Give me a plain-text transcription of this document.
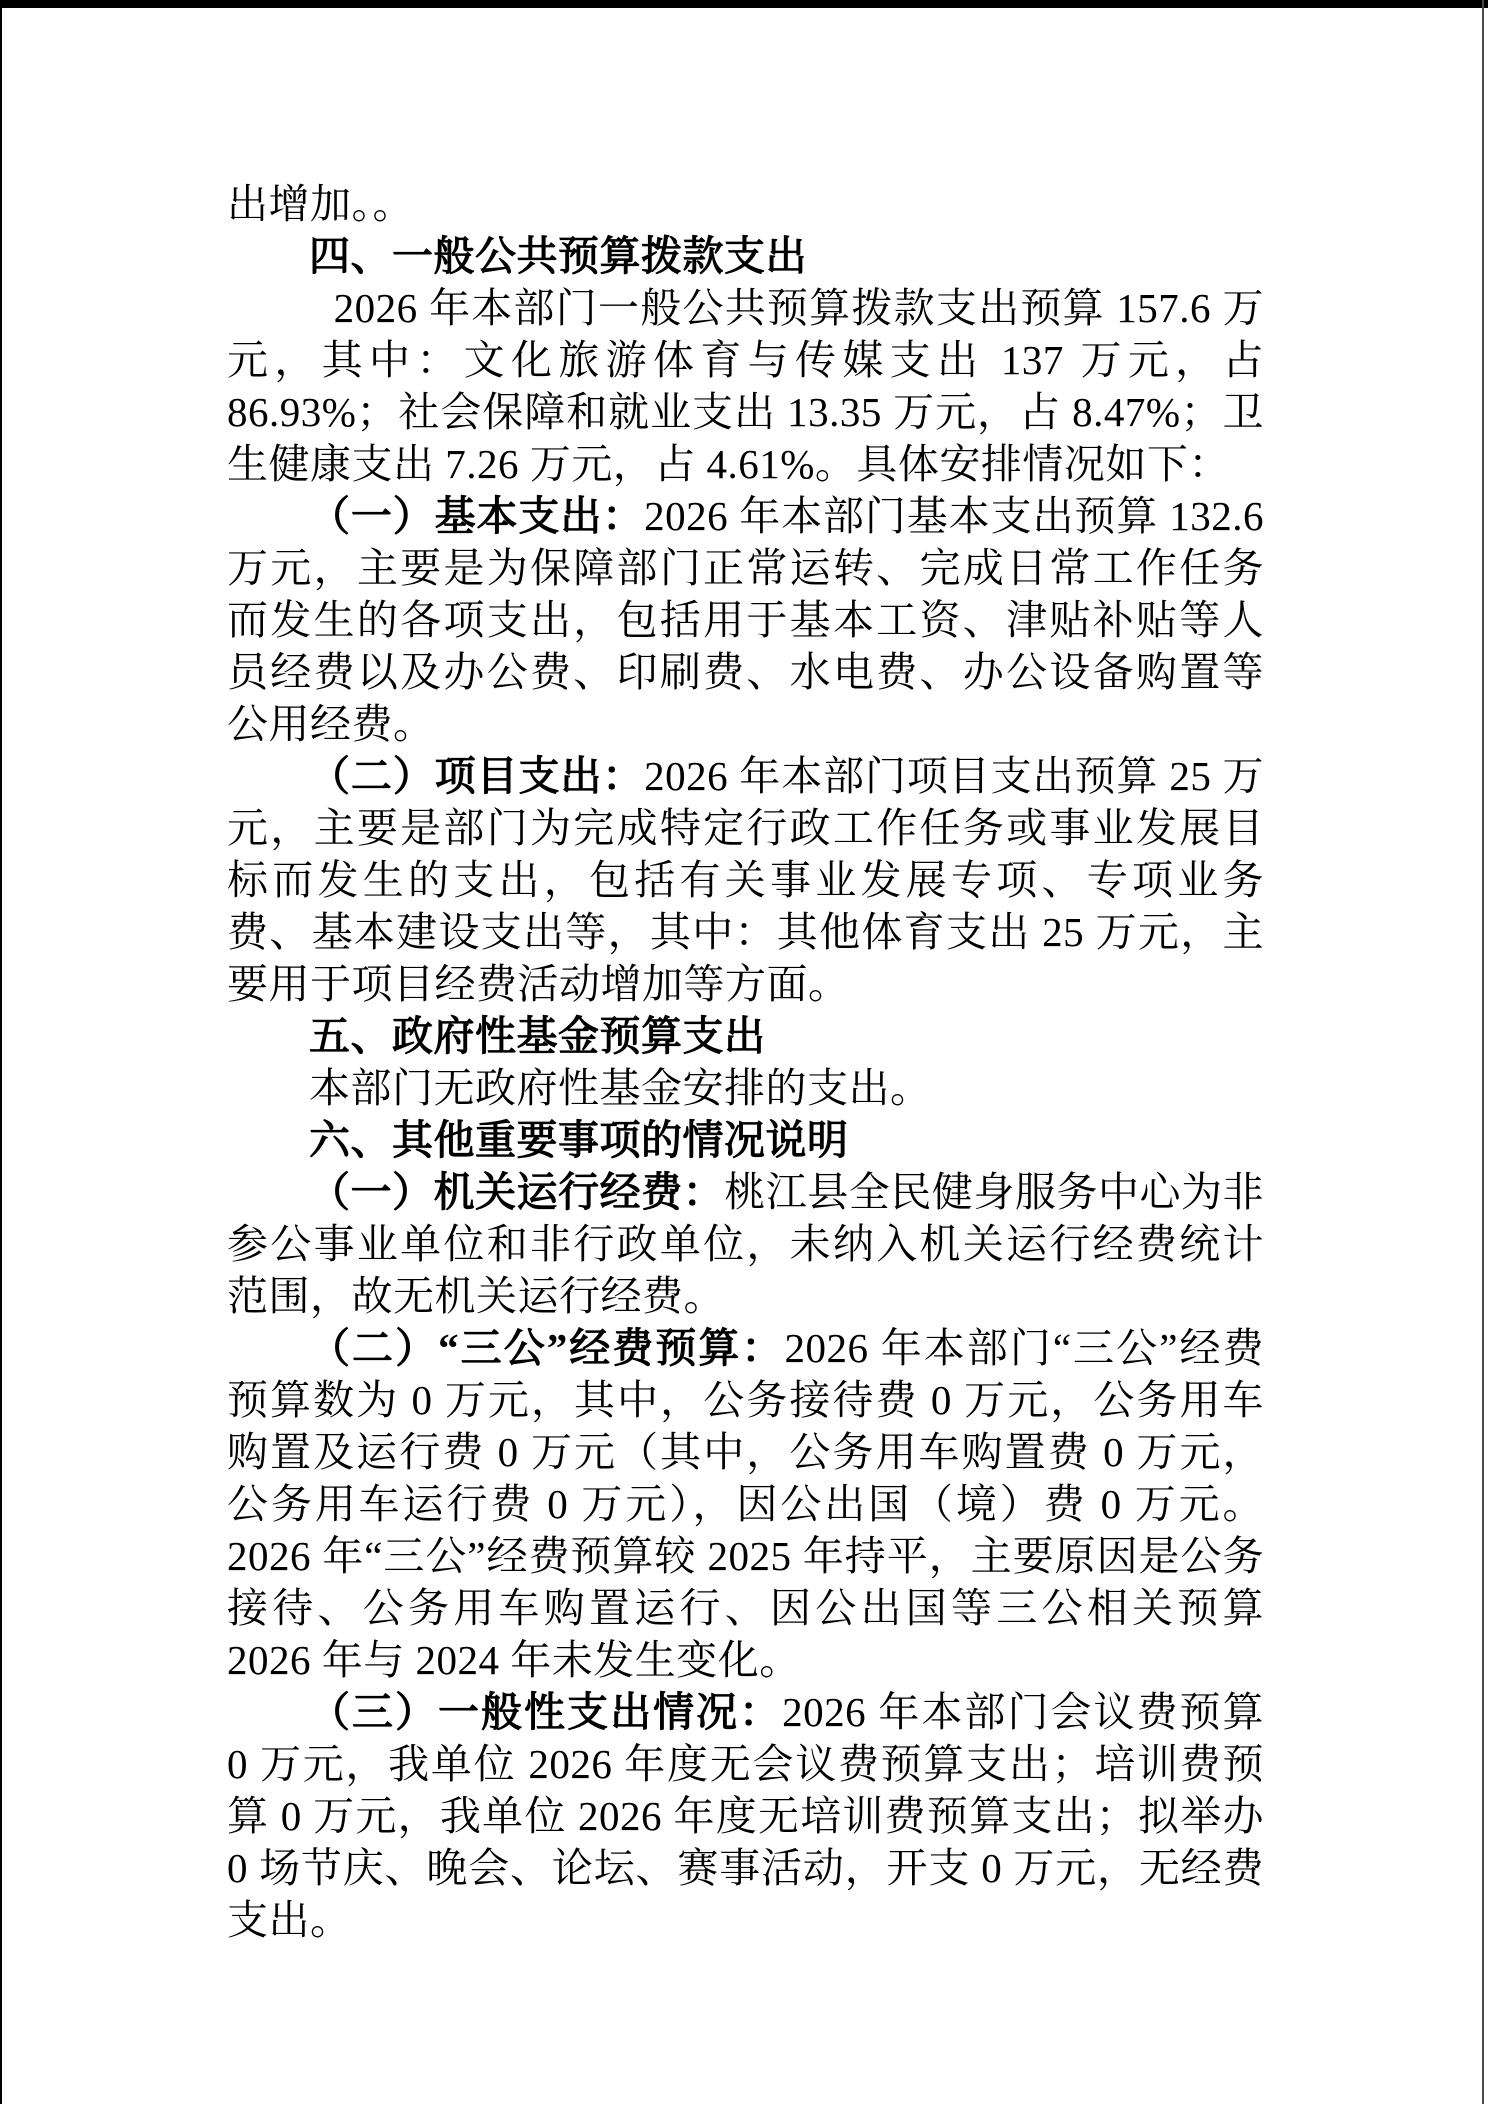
出增加。。

四、一般公共预算拨款支出

2026 年本部门一般公共预算拨款支出预算 157.6 万元，其中：文化旅游体育与传媒支出 137 万元，占 86.93%；社会保障和就业支出 13.35 万元，占 8.47%；卫生健康支出 7.26 万元，占 4.61%。具体安排情况如下：

（一）基本支出：2026 年本部门基本支出预算 132.6 万元，主要是为保障部门正常运转、完成日常工作任务而发生的各项支出，包括用于基本工资、津贴补贴等人员经费以及办公费、印刷费、水电费、办公设备购置等公用经费。

（二）项目支出：2026 年本部门项目支出预算 25 万元，主要是部门为完成特定行政工作任务或事业发展目标而发生的支出，包括有关事业发展专项、专项业务费、基本建设支出等，其中：其他体育支出 25 万元，主要用于项目经费活动增加等方面。

五、政府性基金预算支出

本部门无政府性基金安排的支出。

六、其他重要事项的情况说明

（一）机关运行经费：桃江县全民健身服务中心为非参公事业单位和非行政单位，未纳入机关运行经费统计范围，故无机关运行经费。

（二）“三公”经费预算：2026 年本部门“三公”经费预算数为 0 万元，其中，公务接待费 0 万元，公务用车购置及运行费 0 万元（其中，公务用车购置费 0 万元，公务用车运行费 0 万元），因公出国（境）费 0 万元。2026 年“三公”经费预算较 2025 年持平，主要原因是公务接待、公务用车购置运行、因公出国等三公相关预算 2026 年与 2024 年未发生变化。

（三）一般性支出情况：2026 年本部门会议费预算 0 万元，我单位 2026 年度无会议费预算支出；培训费预算 0 万元，我单位 2026 年度无培训费预算支出；拟举办 0 场节庆、晚会、论坛、赛事活动，开支 0 万元，无经费支出。
